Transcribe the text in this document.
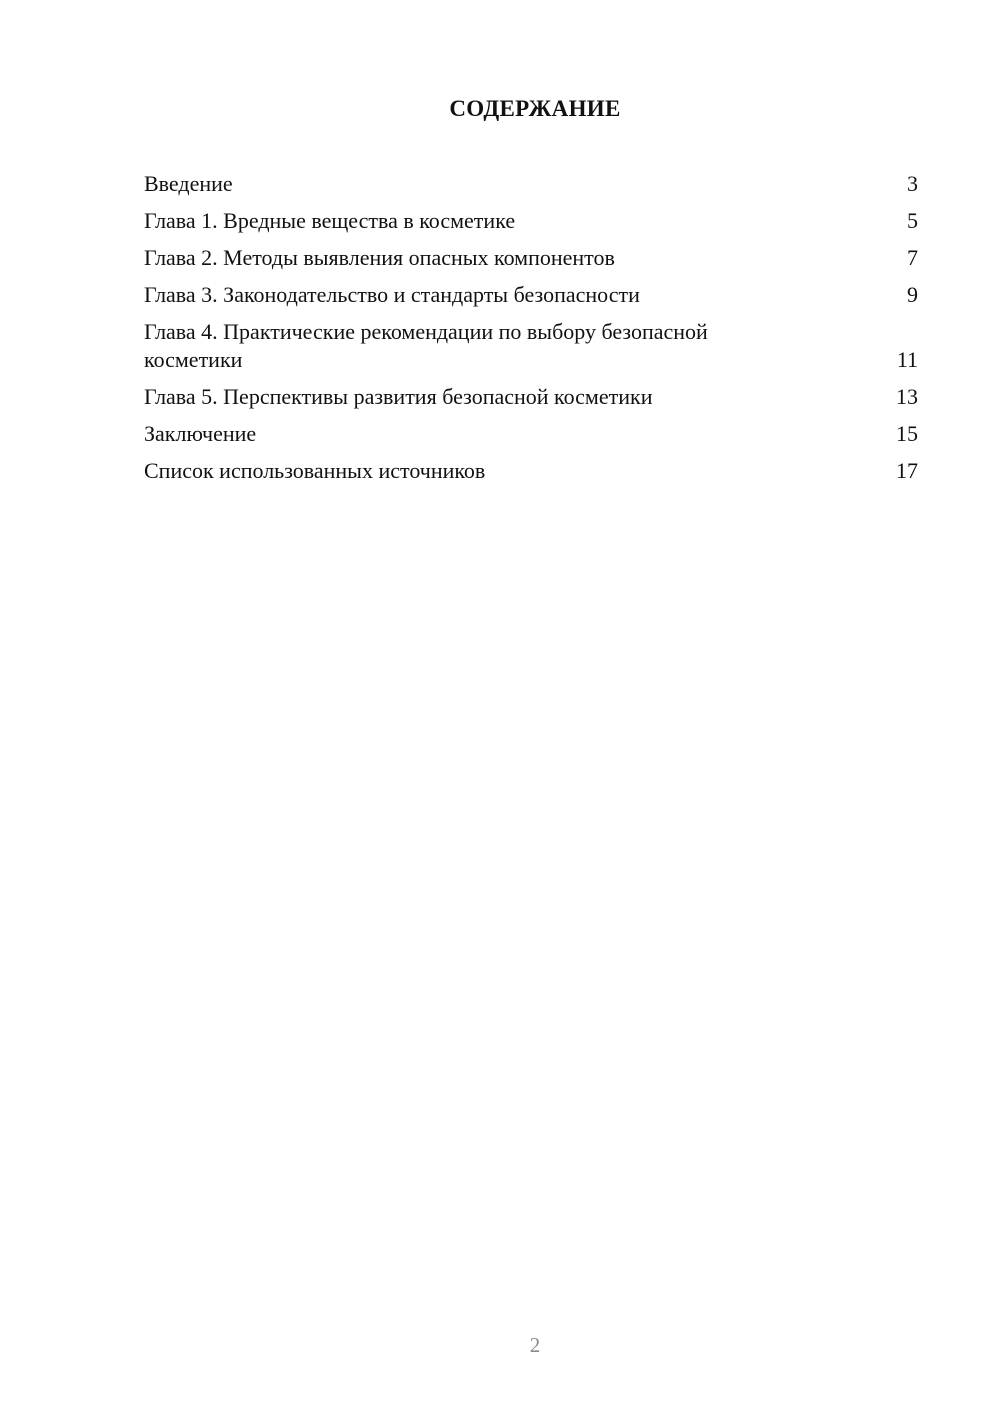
СОДЕРЖАНИЕ
Введение	3
Глава 1. Вредные вещества в косметике	5
Глава 2. Методы выявления опасных компонентов	7
Глава 3. Законодательство и стандарты безопасности	9
Глава 4. Практические рекомендации по выбору безопасной косметики	11
Глава 5. Перспективы развития безопасной косметики	13
Заключение	15
Список использованных источников	17
2
